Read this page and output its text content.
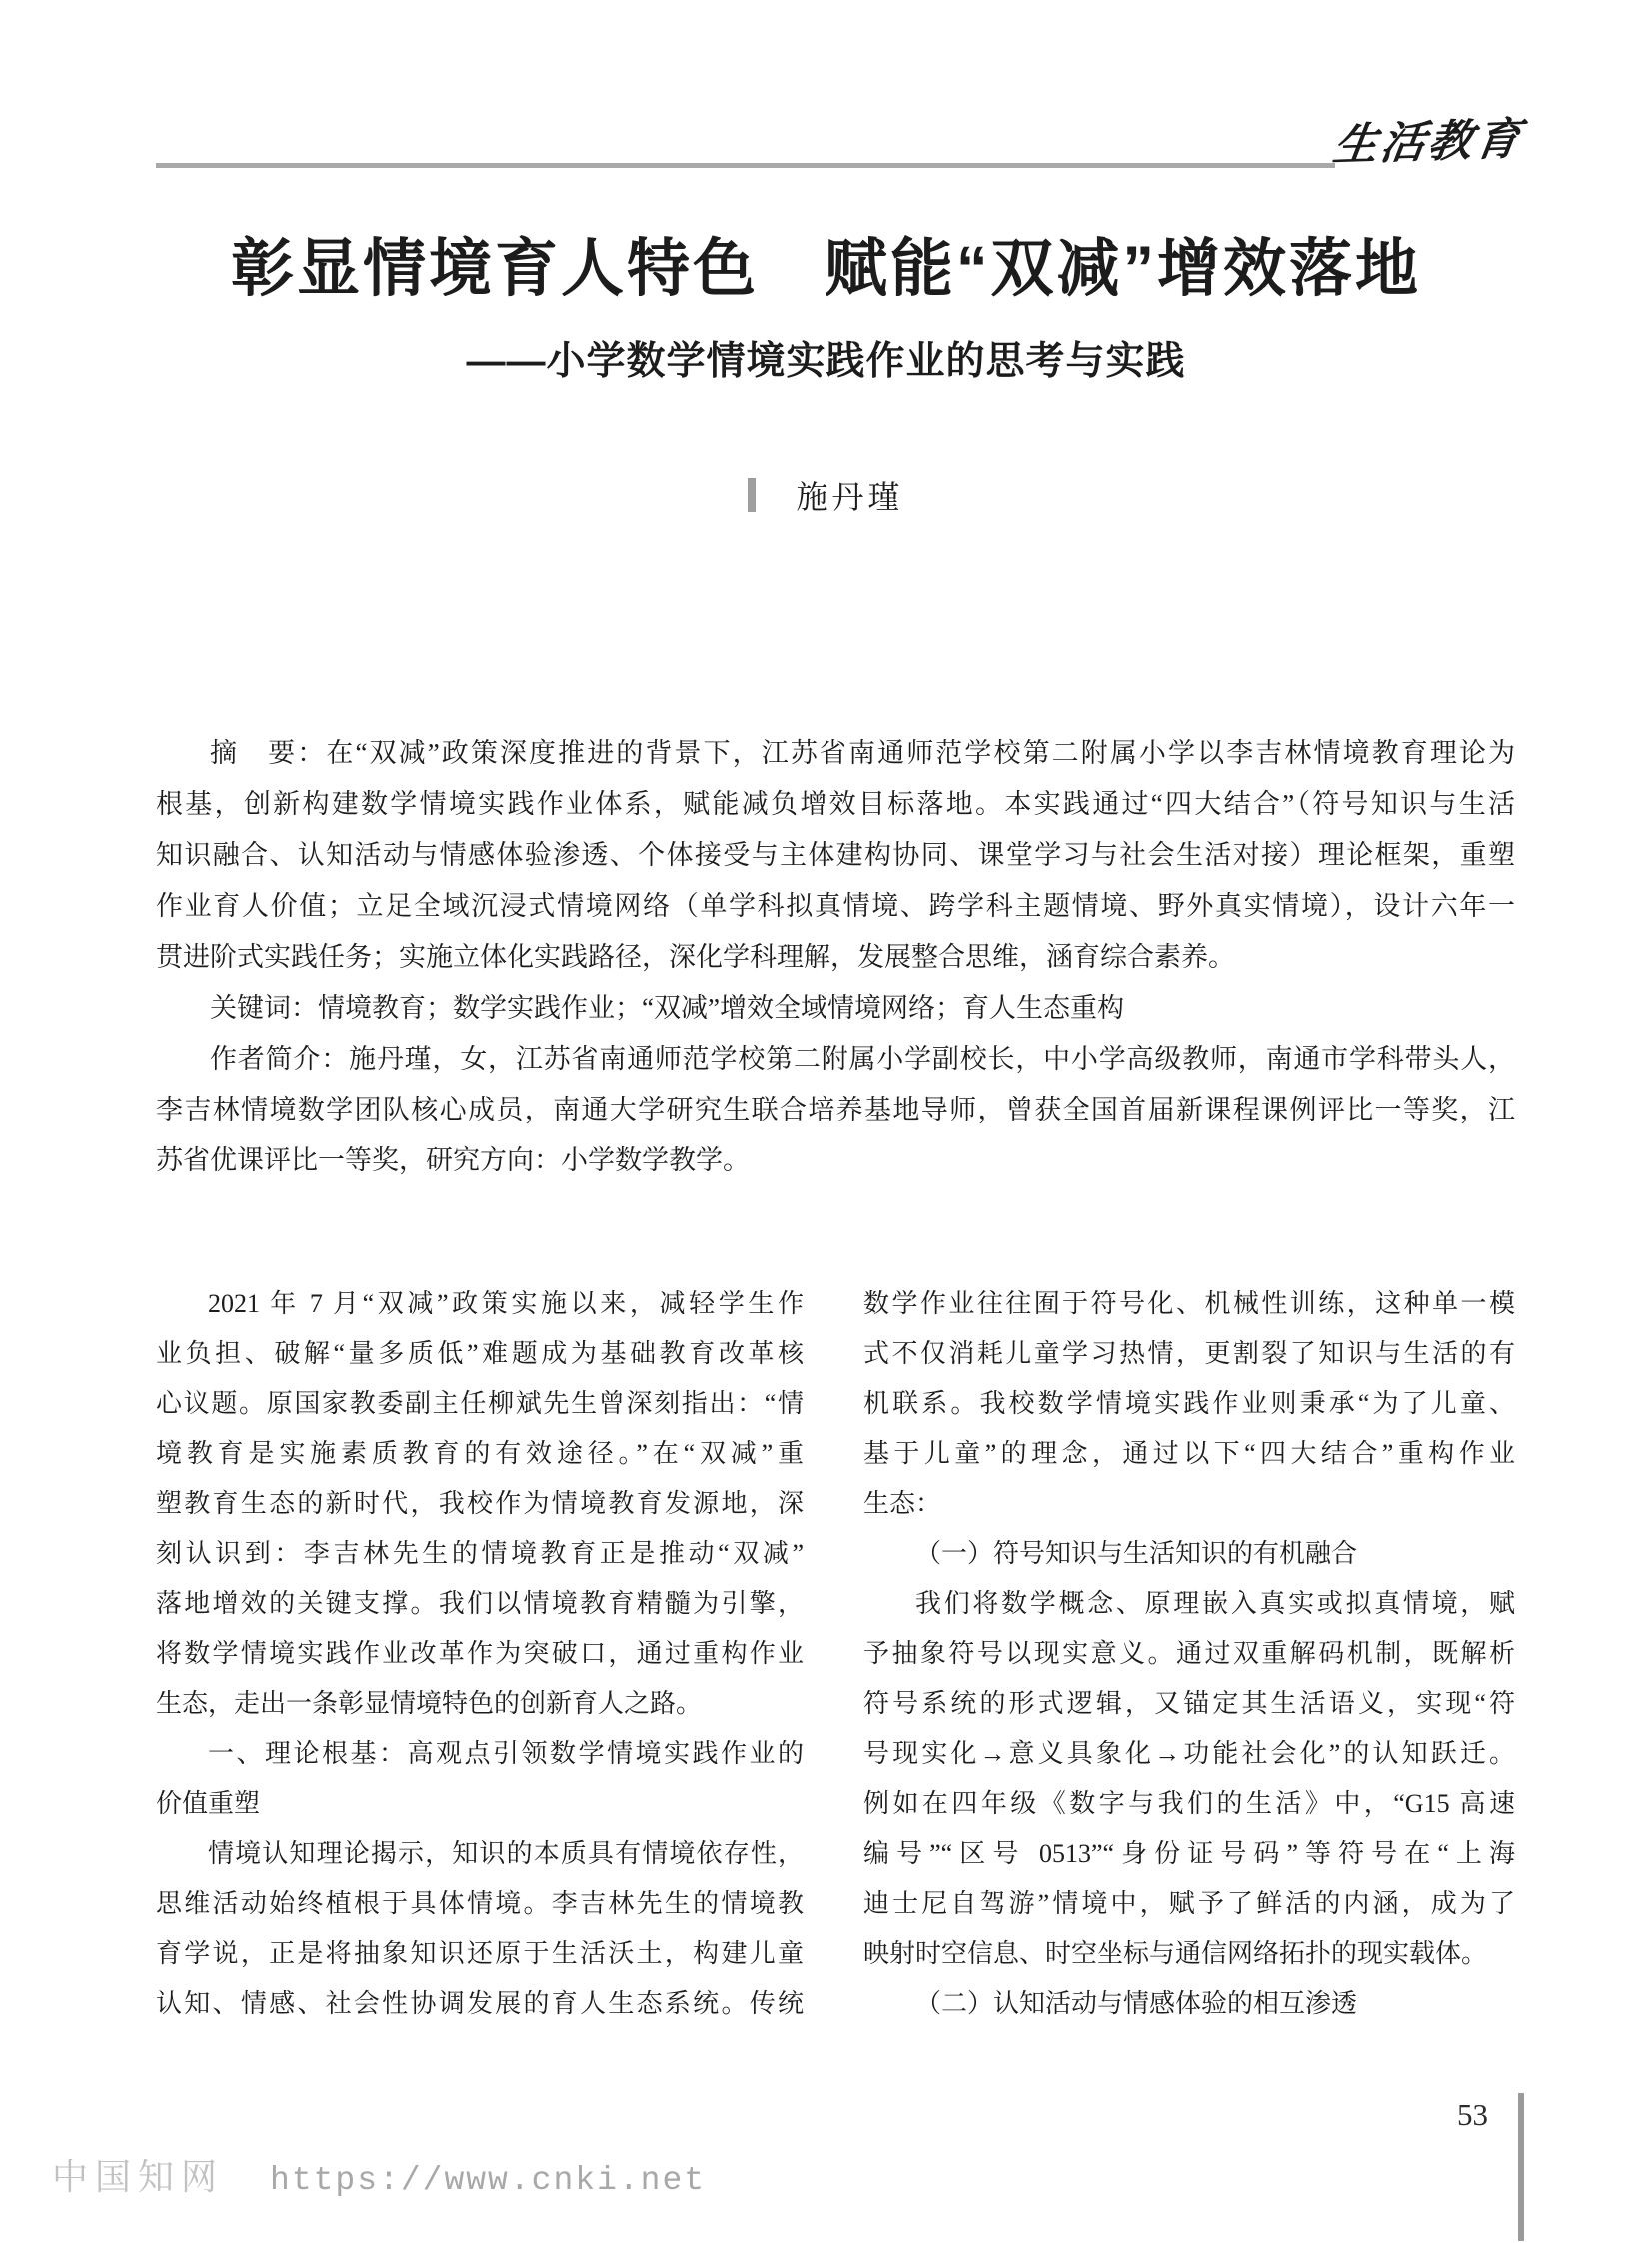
生活教育
彰显情境育人特色　赋能“双减”增效落地
——小学数学情境实践作业的思考与实践
施丹瑾
摘　要：在“双减”政策深度推进的背景下，江苏省南通师范学校第二附属小学以李吉林情境教育理论为
根基，创新构建数学情境实践作业体系，赋能减负增效目标落地。本实践通过“四大结合”（符号知识与生活
知识融合、认知活动与情感体验渗透、个体接受与主体建构协同、课堂学习与社会生活对接）理论框架，重塑
作业育人价值；立足全域沉浸式情境网络（单学科拟真情境、跨学科主题情境、野外真实情境），设计六年一
贯进阶式实践任务；实施立体化实践路径，深化学科理解，发展整合思维，涵育综合素养。
关键词：情境教育；数学实践作业；“双减”增效全域情境网络；育人生态重构
作者简介：施丹瑾，女，江苏省南通师范学校第二附属小学副校长，中小学高级教师，南通市学科带头人，
李吉林情境数学团队核心成员，南通大学研究生联合培养基地导师，曾获全国首届新课程课例评比一等奖，江
苏省优课评比一等奖，研究方向：小学数学教学。
2021 年 7 月“双减”政策实施以来，减轻学生作
业负担、破解“量多质低”难题成为基础教育改革核
心议题。原国家教委副主任柳斌先生曾深刻指出：“情
境教育是实施素质教育的有效途径。”在“双减”重
塑教育生态的新时代，我校作为情境教育发源地，深
刻认识到：李吉林先生的情境教育正是推动“双减”
落地增效的关键支撑。我们以情境教育精髓为引擎，
将数学情境实践作业改革作为突破口，通过重构作业
生态，走出一条彰显情境特色的创新育人之路。
一、理论根基：高观点引领数学情境实践作业的
价值重塑
情境认知理论揭示，知识的本质具有情境依存性，
思维活动始终植根于具体情境。李吉林先生的情境教
育学说，正是将抽象知识还原于生活沃土，构建儿童
认知、情感、社会性协调发展的育人生态系统。传统
数学作业往往囿于符号化、机械性训练，这种单一模
式不仅消耗儿童学习热情，更割裂了知识与生活的有
机联系。我校数学情境实践作业则秉承“为了儿童、
基于儿童”的理念，通过以下“四大结合”重构作业
生态：
（一）符号知识与生活知识的有机融合
我们将数学概念、原理嵌入真实或拟真情境，赋
予抽象符号以现实意义。通过双重解码机制，既解析
符号系统的形式逻辑，又锚定其生活语义，实现“符
号现实化→意义具象化→功能社会化”的认知跃迁。
例如在四年级《数字与我们的生活》中，“G15 高速
编号”“区号 0513”“身份证号码”等符号在“上海
迪士尼自驾游”情境中，赋予了鲜活的内涵，成为了
映射时空信息、时空坐标与通信网络拓扑的现实载体。
（二）认知活动与情感体验的相互渗透
53
中国知网 https://www.cnki.net
